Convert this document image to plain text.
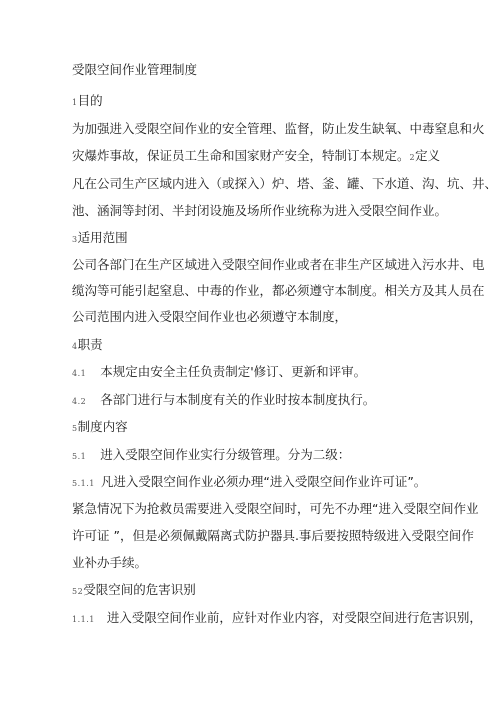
受限空间作业管理制度
1目的
为加强进入受限空间作业的安全管理、监督，防止发生缺氧、中毒窒息和火
灾爆炸事故，保证员工生命和国家财产安全，特制订本规定。2定义
凡在公司生产区域内进入（或探入）炉、塔、釜、罐、下水道、沟、坑、井、
池、涵洞等封闭、半封闭设施及场所作业统称为进入受限空间作业。
3适用范围
公司各部门在生产区域进入受限空间作业或者在非生产区域进入污水井、电
缆沟等可能引起窒息、中毒的作业，都必须遵守本制度。相关方及其人员在
公司范围内进入受限空间作业也必须遵守本制度，
4职责
4.1 本规定由安全主任负责制定'修订、更新和评审。
4.2 各部门进行与本制度有关的作业时按本制度执行。
5制度内容
5.1 进入受限空间作业实行分级管理。分为二级：
5.1.1 凡进入受限空间作业必须办理“进入受限空间作业许可证”。
紧急情况下为抢救员需要进入受限空间时，可先不办理“进入受限空间作业
许可证 ”，但是必须佩戴隔离式防护器具.事后要按照特级进入受限空间作
业补办手续。
52受限空间的危害识别
1.1.1 进入受限空间作业前，应针对作业内容，对受限空间进行危害识别，
